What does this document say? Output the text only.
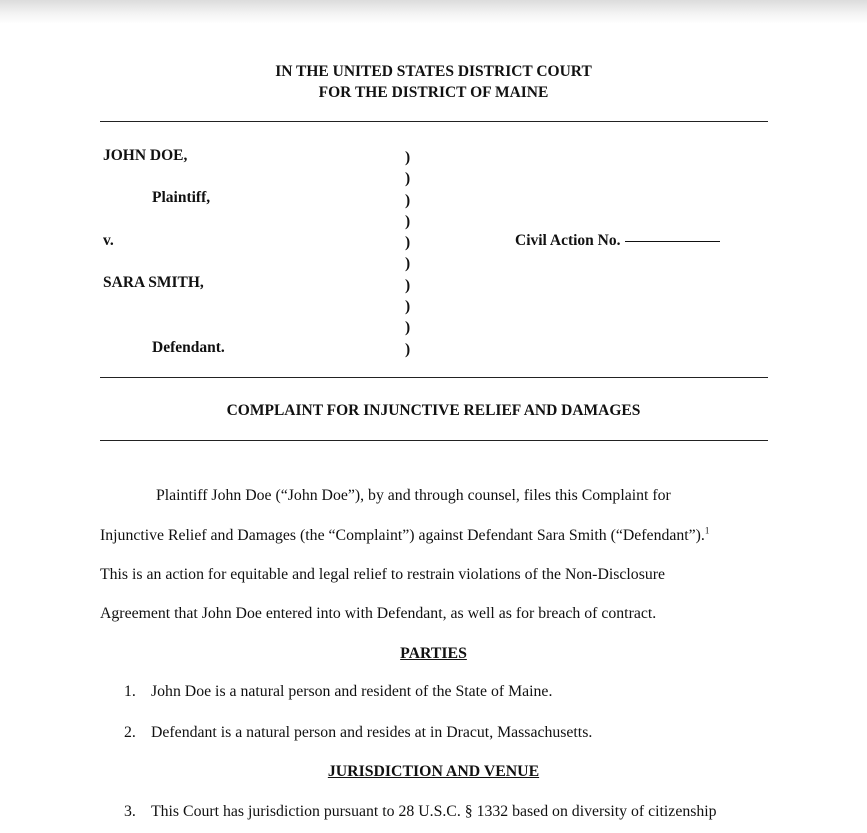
IN THE UNITED STATES DISTRICT COURT
FOR THE DISTRICT OF MAINE
JOHN DOE,
Plaintiff,
v.
SARA SMITH,
Defendant.
)
)
)
)
)
)
)
)
)
)
Civil Action No.
COMPLAINT FOR INJUNCTIVE RELIEF AND DAMAGES
Plaintiff John Doe (“John Doe”), by and through counsel, files this Complaint for
Injunctive Relief and Damages (the “Complaint”) against Defendant Sara Smith (“Defendant”).$^1$
This is an action for equitable and legal relief to restrain violations of the Non-Disclosure
Agreement that John Doe entered into with Defendant, as well as for breach of contract.
PARTIES
1. John Doe is a natural person and resident of the State of Maine.
2. Defendant is a natural person and resides at in Dracut, Massachusetts.
JURISDICTION AND VENUE
3. This Court has jurisdiction pursuant to 28 U.S.C. § 1332 based on diversity of citizenship
